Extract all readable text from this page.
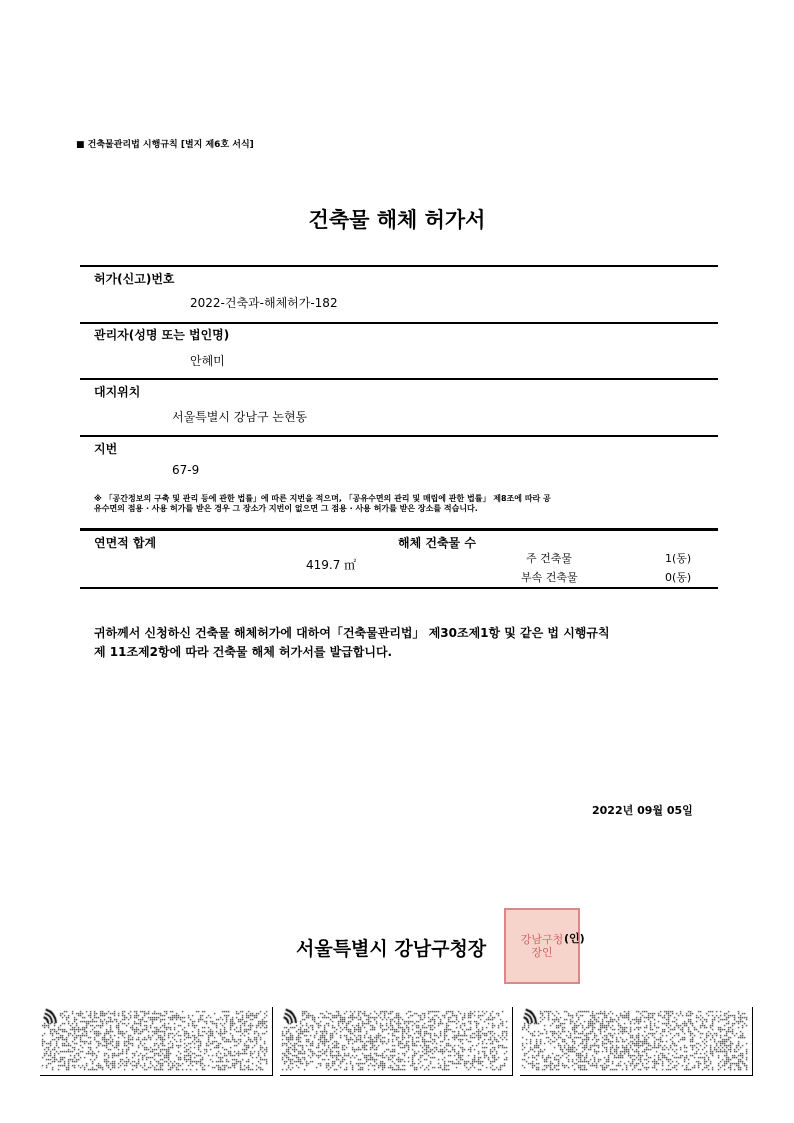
■ 건축물관리법 시행규칙 [별지 제6호 서식]
건축물 해체 허가서
허가(신고)번호
2022-건축과-해체허가-182
관리자(성명 또는 법인명)
안혜미
대지위치
서울특별시 강남구 논현동
지번
67-9
※ 「공간정보의 구축 및 관리 등에 관한 법률」에 따른 지번을 적으며, 「공유수면의 관리 및 매립에 관한 법률」 제8조에 따라 공
유수면의 점용 · 사용 허가를 받은 경우 그 장소가 지번이 없으면 그 점용 · 사용 허가를 받은 장소를 적습니다.
연면적 합계
419.7 ㎡
해체 건축물 수
주 건축물	1(동)
부속 건축물	0(동)
귀하께서 신청하신 건축물 해체허가에 대하여「건축물관리법」 제30조제1항 및 같은 법 시행규칙
제 11조제2항에 따라 건축물 해체 허가서를 발급합니다.
2022년 09월 05일
서울특별시 강남구청장	강남구청장인
(인)
